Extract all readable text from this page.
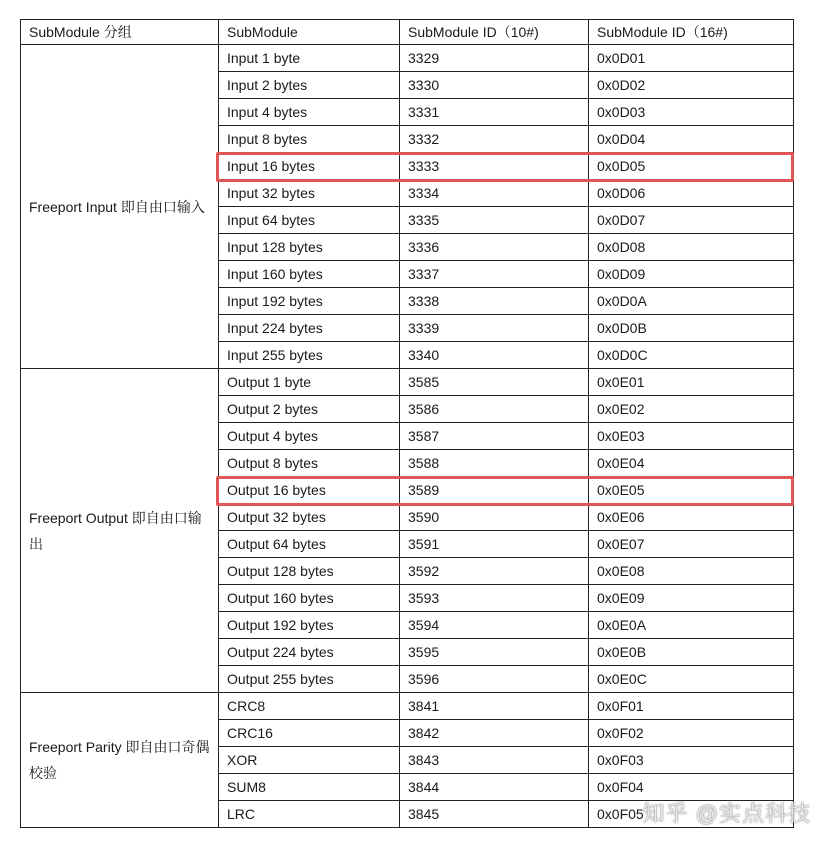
SubModule 分组	SubModule	SubModule ID（10#)	SubModule ID（16#)
Freeport Input 即自由口输入	Input 1 byte	3329	0x0D01
	Input 2 bytes	3330	0x0D02
	Input 4 bytes	3331	0x0D03
	Input 8 bytes	3332	0x0D04
	Input 16 bytes	3333	0x0D05
	Input 32 bytes	3334	0x0D06
	Input 64 bytes	3335	0x0D07
	Input 128 bytes	3336	0x0D08
	Input 160 bytes	3337	0x0D09
	Input 192 bytes	3338	0x0D0A
	Input 224 bytes	3339	0x0D0B
	Input 255 bytes	3340	0x0D0C
Freeport Output 即自由口输出	Output 1 byte	3585	0x0E01
	Output 2 bytes	3586	0x0E02
	Output 4 bytes	3587	0x0E03
	Output 8 bytes	3588	0x0E04
	Output 16 bytes	3589	0x0E05
	Output 32 bytes	3590	0x0E06
	Output 64 bytes	3591	0x0E07
	Output 128 bytes	3592	0x0E08
	Output 160 bytes	3593	0x0E09
	Output 192 bytes	3594	0x0E0A
	Output 224 bytes	3595	0x0E0B
	Output 255 bytes	3596	0x0E0C
Freeport Parity 即自由口奇偶校验	CRC8	3841	0x0F01
	CRC16	3842	0x0F02
	XOR	3843	0x0F03
	SUM8	3844	0x0F04
	LRC	3845	0x0F05
知乎 @实点科技
